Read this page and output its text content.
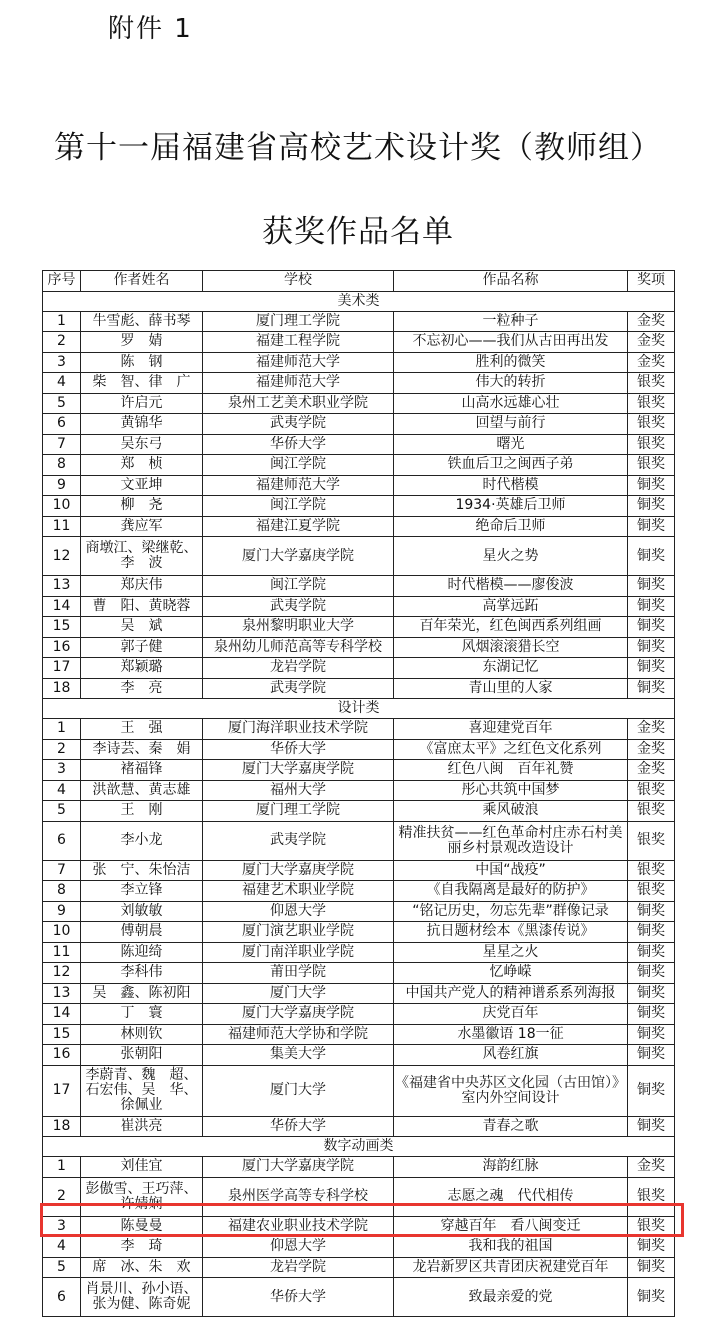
附件 1
第十一届福建省高校艺术设计奖（教师组）
获奖作品名单
序号	作者姓名	学校	作品名称	奖项
美术类				
1	牛雪彪、薛书琴	厦门理工学院	一粒种子	金奖
2	罗　婧	福建工程学院	不忘初心——我们从古田再出发	金奖
3	陈　钢	福建师范大学	胜利的微笑	金奖
4	柴　智、律　广	福建师范大学	伟大的转折	银奖
5	许启元	泉州工艺美术职业学院	山高水远雄心壮	银奖
6	黄锦华	武夷学院	回望与前行	银奖
7	吴东弓	华侨大学	曙光	银奖
8	郑　桢	闽江学院	铁血后卫之闽西子弟	银奖
9	文亚坤	福建师范大学	时代楷模	铜奖
10	柳　尧	闽江学院	1934·英雄后卫师	铜奖
11	龚应军	福建江夏学院	绝命后卫师	铜奖
12	商墩江、梁继乾、李　波	厦门大学嘉庚学院	星火之势	铜奖
13	郑庆伟	闽江学院	时代楷模——廖俊波	铜奖
14	曹　阳、黄晓蓉	武夷学院	高掌远跖	铜奖
15	吴　斌	泉州黎明职业大学	百年荣光，红色闽西系列组画	铜奖
16	郭子健	泉州幼儿师范高等专科学校	风烟滚滚猎长空	铜奖
17	郑颖璐	龙岩学院	东湖记忆	铜奖
18	李　亮	武夷学院	青山里的人家	铜奖
设计类				
1	王　强	厦门海洋职业技术学院	喜迎建党百年	金奖
2	李诗芸、秦　娟	华侨大学	《富庶太平》之红色文化系列	金奖
3	褚福锋	厦门大学嘉庚学院	红色八闽　百年礼赞	金奖
4	洪歆慧、黄志雄	福州大学	彤心共筑中国梦	银奖
5	王　刚	厦门理工学院	乘风破浪	银奖
6	李小龙	武夷学院	精准扶贫——红色革命村庄赤石村美丽乡村景观改造设计	银奖
7	张　宁、朱怡洁	厦门大学嘉庚学院	中国“战疫”	银奖
8	李立锋	福建艺术职业学院	《自我隔离是最好的防护》	银奖
9	刘敏敏	仰恩大学	“铭记历史，勿忘先辈”群像记录	铜奖
10	傅朝晨	厦门演艺职业学院	抗日题材绘本《黑漆传说》	铜奖
11	陈迎绮	厦门南洋职业学院	星星之火	铜奖
12	李科伟	莆田学院	忆峥嵘	铜奖
13	吴　鑫、陈初阳	厦门大学	中国共产党人的精神谱系系列海报	铜奖
14	丁　寰	厦门大学嘉庚学院	庆党百年	铜奖
15	林则钦	福建师范大学协和学院	水墨徽语 18一征	铜奖
16	张朝阳	集美大学	风卷红旗	铜奖
17	李蔚青、魏　超、石宏伟、吴　华、徐佩业	厦门大学	《福建省中央苏区文化园（古田馆）》室内外空间设计	铜奖
18	崔洪亮	华侨大学	青春之歌	铜奖
数字动画类				
1	刘佳宜	厦门大学嘉庚学院	海韵红脉	金奖
2	彭傲雪、王巧萍、许婧娴	泉州医学高等专科学校	志愿之魂　代代相传	银奖
3	陈曼曼	福建农业职业技术学院	穿越百年　看八闽变迁	银奖
4	李　琦	仰恩大学	我和我的祖国	铜奖
5	席　冰、朱　欢	龙岩学院	龙岩新罗区共青团庆祝建党百年	铜奖
6	肖景川、孙小语、张为健、陈奇妮	华侨大学	致最亲爱的党	铜奖
